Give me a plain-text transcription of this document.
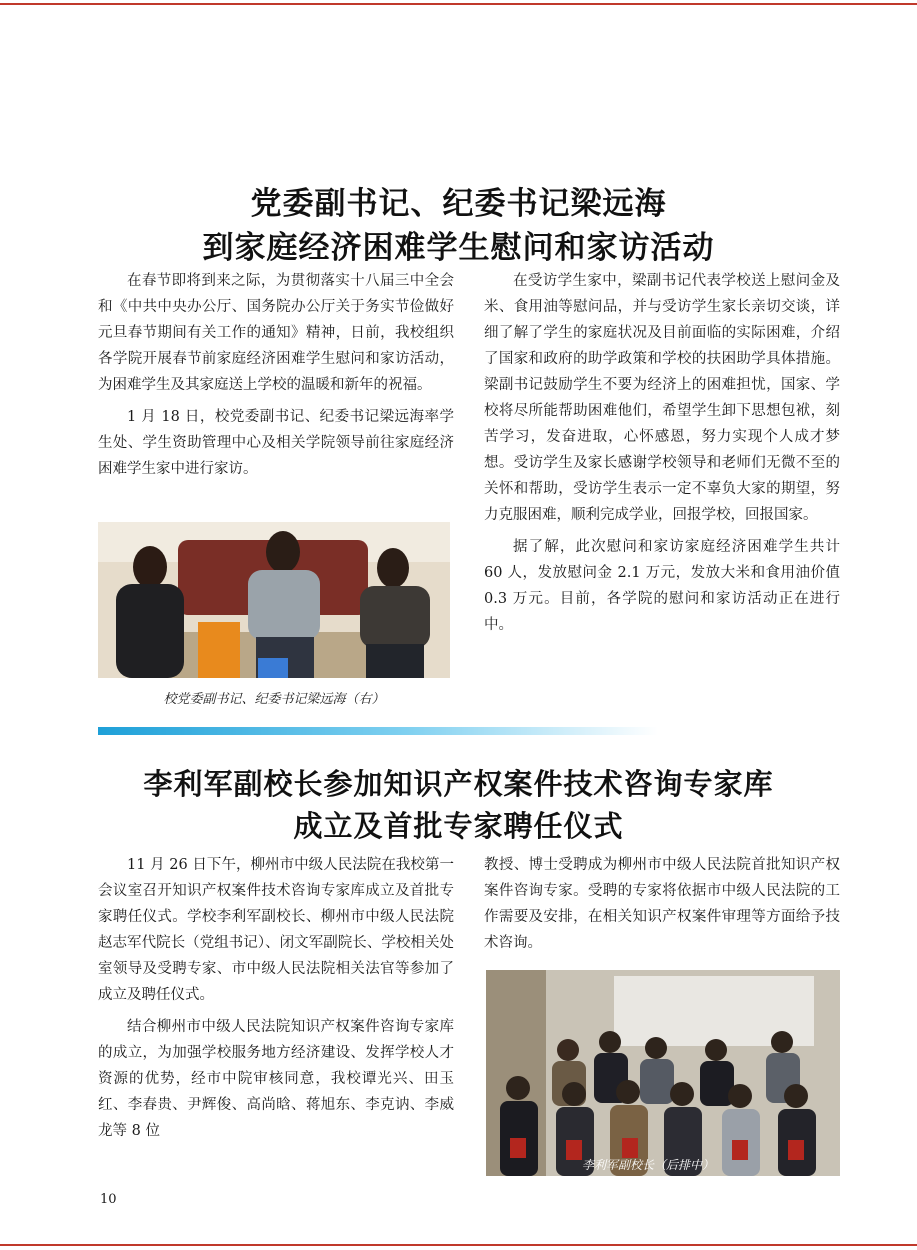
党委副书记、纪委书记梁远海
到家庭经济困难学生慰问和家访活动

在春节即将到来之际，为贯彻落实十八届三中全会和《中共中央办公厅、国务院办公厅关于务实节俭做好元旦春节期间有关工作的通知》精神，日前，我校组织各学院开展春节前家庭经济困难学生慰问和家访活动，为困难学生及其家庭送上学校的温暖和新年的祝福。

1 月 18 日，校党委副书记、纪委书记梁远海率学生处、学生资助管理中心及相关学院领导前往家庭经济困难学生家中进行家访。

校党委副书记、纪委书记梁远海（右）

在受访学生家中，梁副书记代表学校送上慰问金及米、食用油等慰问品，并与受访学生家长亲切交谈，详细了解了学生的家庭状况及目前面临的实际困难，介绍了国家和政府的助学政策和学校的扶困助学具体措施。梁副书记鼓励学生不要为经济上的困难担忧，国家、学校将尽所能帮助困难他们，希望学生卸下思想包袱，刻苦学习，发奋进取，心怀感恩，努力实现个人成才梦想。受访学生及家长感谢学校领导和老师们无微不至的关怀和帮助，受访学生表示一定不辜负大家的期望，努力克服困难，顺利完成学业，回报学校，回报国家。

据了解，此次慰问和家访家庭经济困难学生共计 60 人，发放慰问金 2.1 万元，发放大米和食用油价值 0.3 万元。目前，各学院的慰问和家访活动正在进行中。

李利军副校长参加知识产权案件技术咨询专家库
成立及首批专家聘任仪式

11 月 26 日下午，柳州市中级人民法院在我校第一会议室召开知识产权案件技术咨询专家库成立及首批专家聘任仪式。学校李利军副校长、柳州市中级人民法院赵志军代院长（党组书记）、闭文军副院长、学校相关处室领导及受聘专家、市中级人民法院相关法官等参加了成立及聘任仪式。

结合柳州市中级人民法院知识产权案件咨询专家库的成立，为加强学校服务地方经济建设、发挥学校人才资源的优势，经市中院审核同意，我校谭光兴、田玉红、李春贵、尹辉俊、高尚晗、蒋旭东、李克讷、李威龙等 8 位

教授、博士受聘成为柳州市中级人民法院首批知识产权案件咨询专家。受聘的专家将依据市中级人民法院的工作需要及安排，在相关知识产权案件审理等方面给予技术咨询。

李利军副校长（后排中）
10
